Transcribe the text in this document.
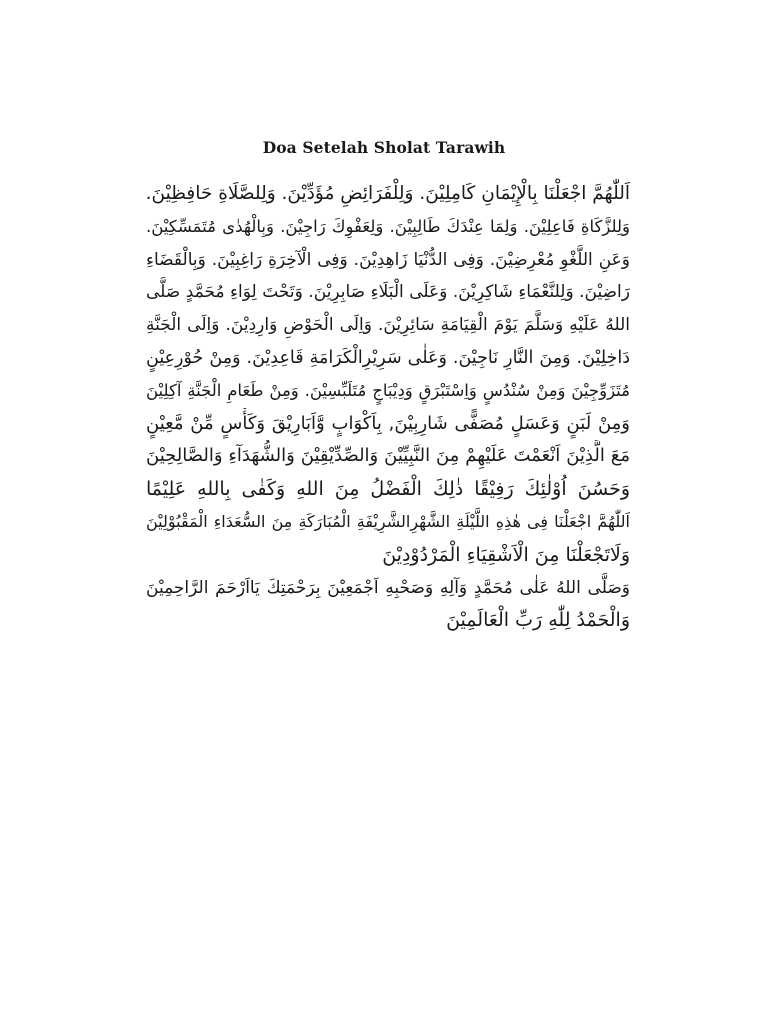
Doa Setelah Sholat Tarawih
اَللّٰهُمَّ اجْعَلْنَا بِالْإِيْمَانِ كَامِلِيْنَ. وَلِلْفَرَائِضِ مُؤَدِّيْنَ. وَلِلصَّلَاةِ حَافِظِيْنَ.
وَلِلزَّكَاةِ فَاعِلِيْنَ. وَلِمَا عِنْدَكَ طَالِبِيْنَ. وَلِعَفْوِكَ رَاجِيْنَ. وَبِالْهُدٰى مُتَمَسِّكِيْنَ.
وَعَنِ اللَّغْوِ مُعْرِضِيْنَ. وَفِى الدُّنْيَا زَاهِدِيْنَ. وَفِى الْآخِرَةِ رَاغِبِيْنَ. وَبِالْقَضَاءِ
رَاضِيْنَ. وَلِلنَّعْمَاءِ شَاكِرِيْنَ. وَعَلَى الْبَلَاءِ صَابِرِيْنَ. وَتَحْتَ لِوَاءِ مُحَمَّدٍ صَلَّى
اللهُ عَلَيْهِ وَسَلَّمَ يَوْمَ الْقِيَامَةِ سَائِرِيْنَ. وَاِلَى الْحَوْضِ وَارِدِيْنَ. وَاِلَى الْجَنَّةِ
دَاخِلِيْنَ. وَمِنَ النَّارِ نَاجِيْنَ. وَعَلٰى سَرِيْرِالْكَرَامَةِ قَاعِدِيْنَ. وَمِنْ حُوْرِعِيْنٍ
مُتَزَوِّجِيْنَ وَمِنْ سُنْدُسٍ وَاِسْتَبْرَقٍ وَدِيْبَاجٍ مُتَلَبِّسِيْنَ. وَمِنْ طَعَامِ الْجَنَّةِ آكِلِيْنَ
وَمِنْ لَبَنٍ وَعَسَلٍ مُصَفًّى شَارِبِيْنَ, بِاَكْوَابٍ وَّاَبَارِيْقَ وَكَأْسٍ مِّنْ مَّعِيْنٍ
مَعَ الَّذِيْنَ اَنْعَمْتَ عَلَيْهِمْ مِنَ النَّبِيِّيْنَ وَالصِّدِّيْقِيْنَ وَالشُّهَدَآءِ وَالصَّالِحِيْنَ
وَحَسُنَ اُوْلٰئِكَ رَفِيْقًا ذٰلِكَ الْفَضْلُ مِنَ اللهِ وَكَفٰى بِاللهِ عَلِيْمًا
اَللّٰهُمَّ اجْعَلْنَا فِى هٰذِهِ اللَّيْلَةِ الشَّهْرِالشَّرِيْفَةِ الْمُبَارَكَةِ مِنَ السُّعَدَاءِ الْمَقْبُوْلِيْنَ
وَلَاتَجْعَلْنَا مِنَ الْاَشْقِيَاءِ الْمَرْدُوْدِيْنَ
وَصَلَّى اللهُ عَلٰى مُحَمَّدٍ وَآلِهِ وَصَحْبِهِ اَجْمَعِيْنَ بِرَحْمَتِكَ يَااَرْحَمَ الرَّاحِمِيْنَ
وَالْحَمْدُ لِلّٰهِ رَبِّ الْعَالَمِيْنَ
